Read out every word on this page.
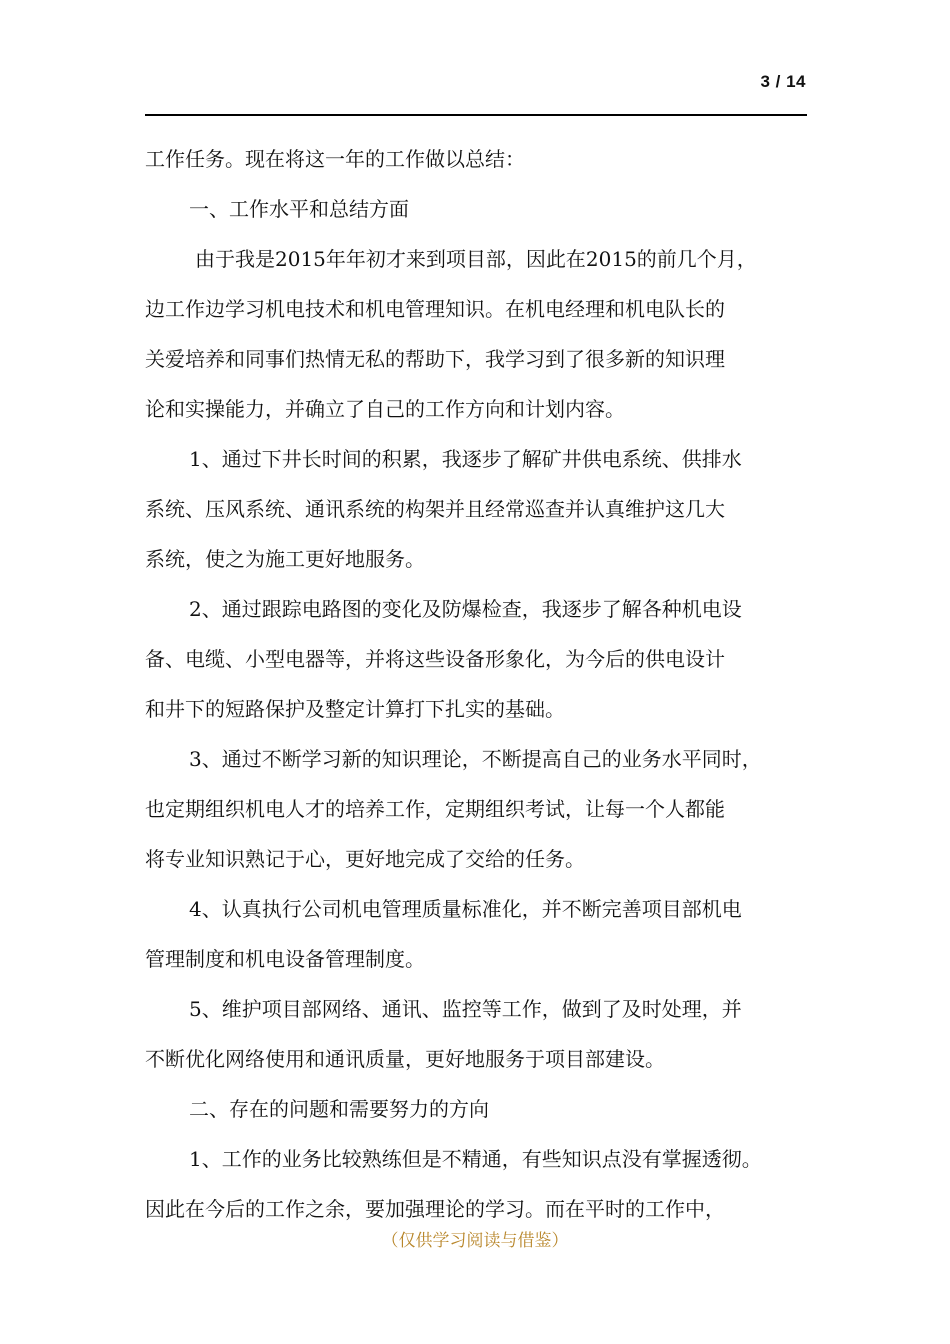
3 / 14
工作任务。现在将这一年的工作做以总结：
一、工作水平和总结方面
由于我是2015年年初才来到项目部，因此在2015的前几个月，
边工作边学习机电技术和机电管理知识。在机电经理和机电队长的
关爱培养和同事们热情无私的帮助下，我学习到了很多新的知识理
论和实操能力，并确立了自己的工作方向和计划内容。
1、通过下井长时间的积累，我逐步了解矿井供电系统、供排水
系统、压风系统、通讯系统的构架并且经常巡查并认真维护这几大
系统，使之为施工更好地服务。
2、通过跟踪电路图的变化及防爆检查，我逐步了解各种机电设
备、电缆、小型电器等，并将这些设备形象化，为今后的供电设计
和井下的短路保护及整定计算打下扎实的基础。
3、通过不断学习新的知识理论，不断提高自己的业务水平同时，
也定期组织机电人才的培养工作，定期组织考试，让每一个人都能
将专业知识熟记于心，更好地完成了交给的任务。
4、认真执行公司机电管理质量标准化，并不断完善项目部机电
管理制度和机电设备管理制度。
5、维护项目部网络、通讯、监控等工作，做到了及时处理，并
不断优化网络使用和通讯质量，更好地服务于项目部建设。
二、存在的问题和需要努力的方向
1、工作的业务比较熟练但是不精通，有些知识点没有掌握透彻。
因此在今后的工作之余，要加强理论的学习。而在平时的工作中，
（仅供学习阅读与借鉴）
